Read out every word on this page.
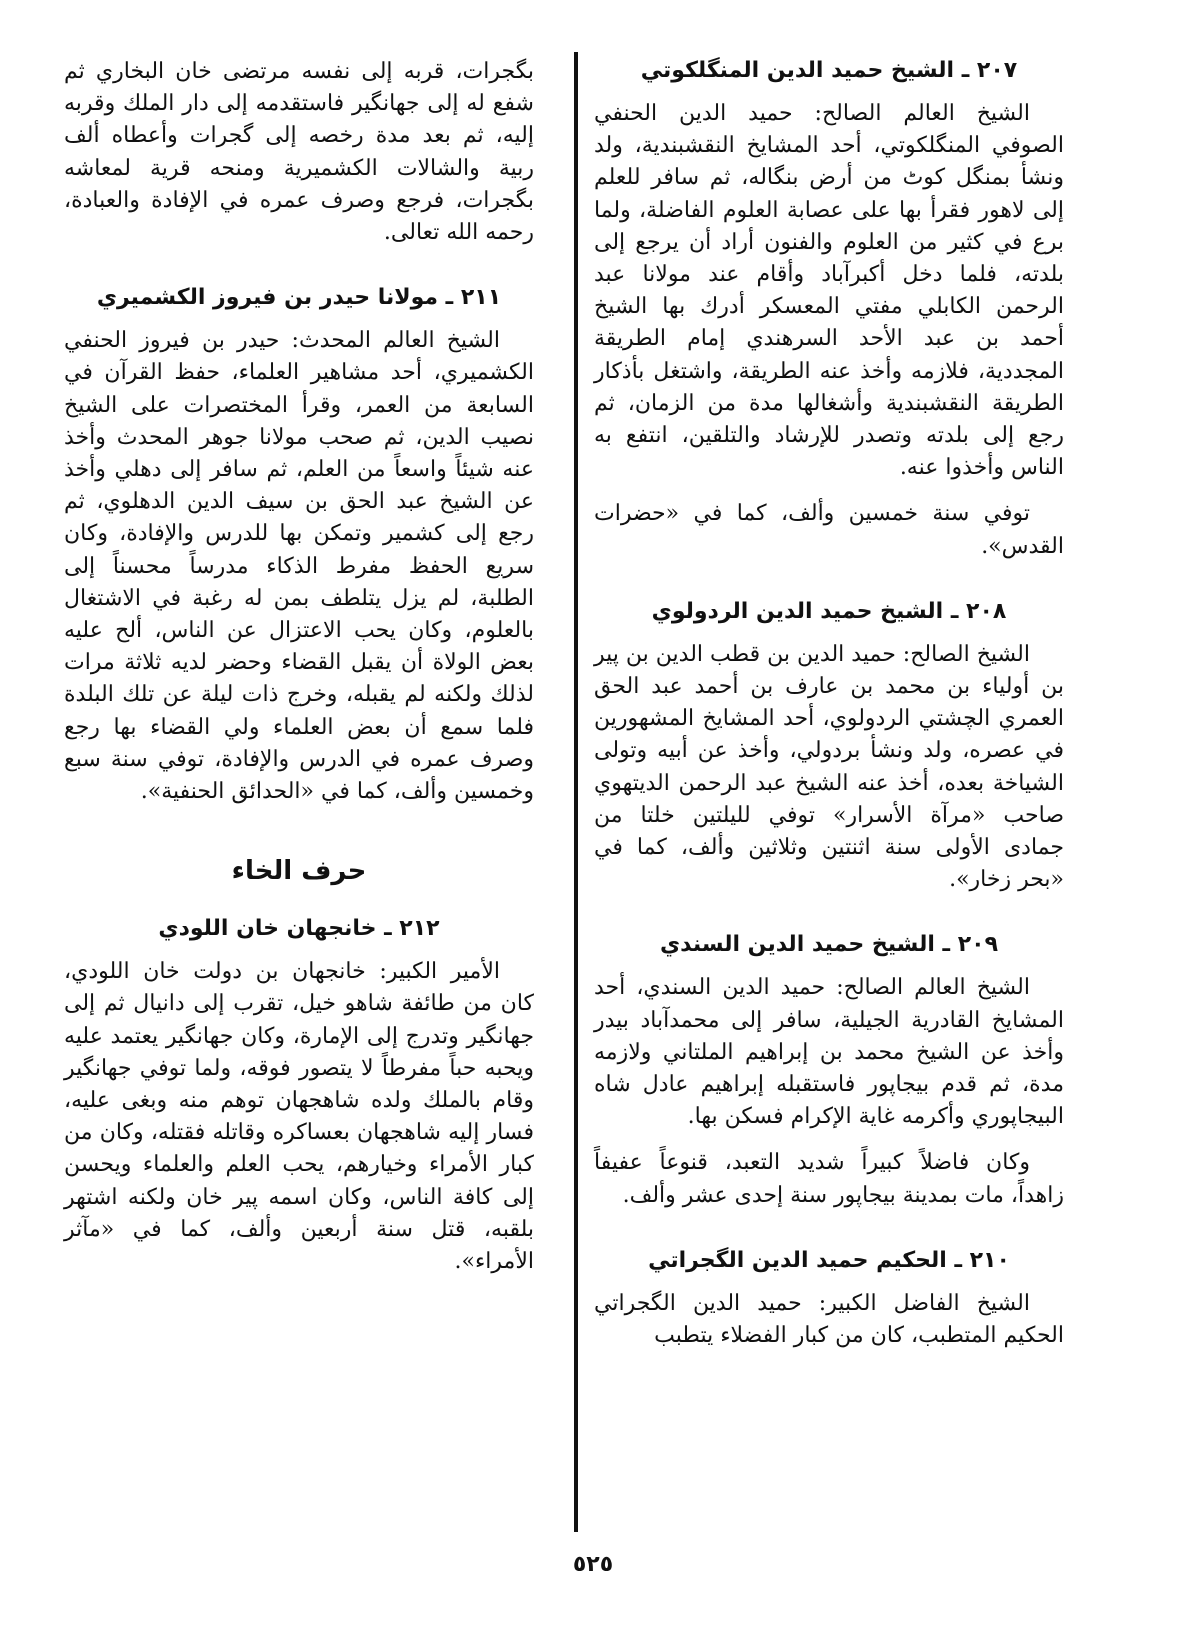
٢٠٧ ـ الشيخ حميد الدين المنگلكوتي

الشيخ العالم الصالح: حميد الدين الحنفي الصوفي المنگلكوتي، أحد المشايخ النقشبندية، ولد ونشأ بمنگل كوٹ من أرض بنگاله، ثم سافر للعلم إلى لاهور فقرأ بها على عصابة العلوم الفاضلة، ولما برع في كثير من العلوم والفنون أراد أن يرجع إلى بلدته، فلما دخل أكبرآباد وأقام عند مولانا عبد الرحمن الكابلي مفتي المعسكر أدرك بها الشيخ أحمد بن عبد الأحد السرهندي إمام الطريقة المجددية، فلازمه وأخذ عنه الطريقة، واشتغل بأذكار الطريقة النقشبندية وأشغالها مدة من الزمان، ثم رجع إلى بلدته وتصدر للإرشاد والتلقين، انتفع به الناس وأخذوا عنه.

توفي سنة خمسين وألف، كما في «حضرات القدس».

٢٠٨ ـ الشيخ حميد الدين الردولوي

الشيخ الصالح: حميد الدين بن قطب الدين بن پير بن أولياء بن محمد بن عارف بن أحمد عبد الحق العمري الچشتي الردولوي، أحد المشايخ المشهورين في عصره، ولد ونشأ بردولي، وأخذ عن أبيه وتولى الشياخة بعده، أخذ عنه الشيخ عبد الرحمن الديتهوي صاحب «مرآة الأسرار» توفي لليلتين خلتا من جمادى الأولى سنة اثنتين وثلاثين وألف، كما في «بحر زخار».

٢٠٩ ـ الشيخ حميد الدين السندي

الشيخ العالم الصالح: حميد الدين السندي، أحد المشايخ القادرية الجيلية، سافر إلى محمدآباد بيدر وأخذ عن الشيخ محمد بن إبراهيم الملتاني ولازمه مدة، ثم قدم بيجاپور فاستقبله إبراهيم عادل شاه البيجاپوري وأكرمه غاية الإكرام فسكن بها.

وكان فاضلاً كبيراً شديد التعبد، قنوعاً عفيفاً زاهداً، مات بمدينة بيجاپور سنة إحدى عشر وألف.

٢١٠ ـ الحكيم حميد الدين الگجراتي

الشيخ الفاضل الكبير: حميد الدين الگجراتي الحكيم المتطبب، كان من كبار الفضلاء يتطبب

بگجرات، قربه إلى نفسه مرتضى خان البخاري ثم شفع له إلى جهانگير فاستقدمه إلى دار الملك وقربه إليه، ثم بعد مدة رخصه إلى گجرات وأعطاه ألف ربية والشالات الكشميرية ومنحه قرية لمعاشه بگجرات، فرجع وصرف عمره في الإفادة والعبادة، رحمه الله تعالى.

٢١١ ـ مولانا حيدر بن فيروز الكشميري

الشيخ العالم المحدث: حيدر بن فيروز الحنفي الكشميري، أحد مشاهير العلماء، حفظ القرآن في السابعة من العمر، وقرأ المختصرات على الشيخ نصيب الدين، ثم صحب مولانا جوهر المحدث وأخذ عنه شيئاً واسعاً من العلم، ثم سافر إلى دهلي وأخذ عن الشيخ عبد الحق بن سيف الدين الدهلوي، ثم رجع إلى كشمير وتمكن بها للدرس والإفادة، وكان سريع الحفظ مفرط الذكاء مدرساً محسناً إلى الطلبة، لم يزل يتلطف بمن له رغبة في الاشتغال بالعلوم، وكان يحب الاعتزال عن الناس، ألح عليه بعض الولاة أن يقبل القضاء وحضر لديه ثلاثة مرات لذلك ولكنه لم يقبله، وخرج ذات ليلة عن تلك البلدة فلما سمع أن بعض العلماء ولي القضاء بها رجع وصرف عمره في الدرس والإفادة، توفي سنة سبع وخمسين وألف، كما في «الحدائق الحنفية».

حرف الخاء
٢١٢ ـ خانجهان خان اللودي

الأمير الكبير: خانجهان بن دولت خان اللودي، كان من طائفة شاهو خيل، تقرب إلى دانيال ثم إلى جهانگير وتدرج إلى الإمارة، وكان جهانگير يعتمد عليه ويحبه حباً مفرطاً لا يتصور فوقه، ولما توفي جهانگير وقام بالملك ولده شاهجهان توهم منه وبغى عليه، فسار إليه شاهجهان بعساكره وقاتله فقتله، وكان من كبار الأمراء وخيارهم، يحب العلم والعلماء ويحسن إلى كافة الناس، وكان اسمه پير خان ولكنه اشتهر بلقبه، قتل سنة أربعين وألف، كما في «مآثر الأمراء».

٥٢٥
